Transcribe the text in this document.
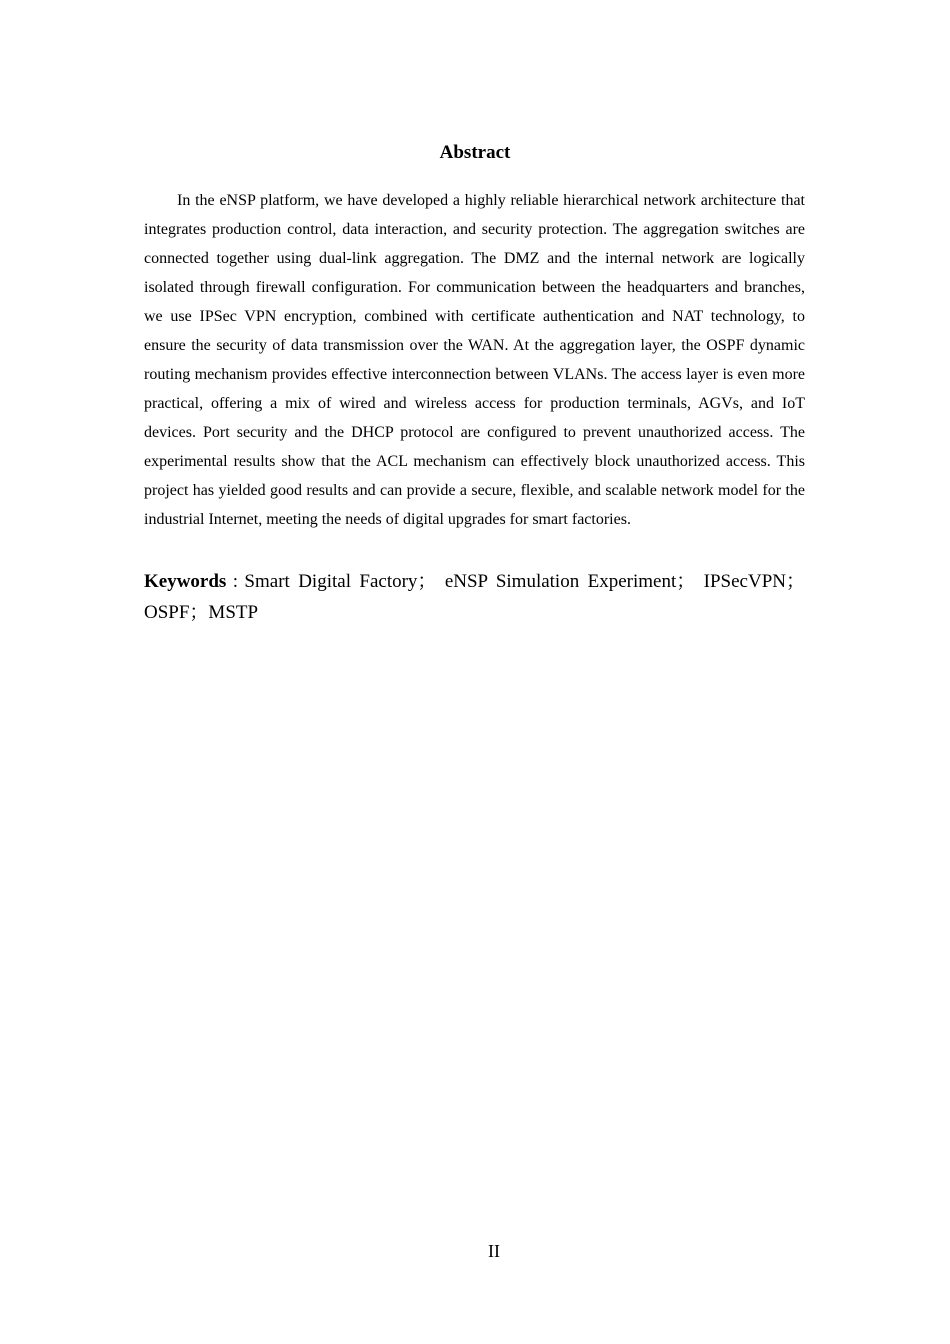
Abstract

In the eNSP platform, we have developed a highly reliable hierarchical network architecture that integrates production control, data interaction, and security protection. The aggregation switches are connected together using dual-link aggregation. The DMZ and the internal network are logically isolated through firewall configuration. For communication between the headquarters and branches, we use IPSec VPN encryption, combined with certificate authentication and NAT technology, to ensure the security of data transmission over the WAN. At the aggregation layer, the OSPF dynamic routing mechanism provides effective interconnection between VLANs. The access layer is even more practical, offering a mix of wired and wireless access for production terminals, AGVs, and IoT devices. Port security and the DHCP protocol are configured to prevent unauthorized access. The experimental results show that the ACL mechanism can effectively block unauthorized access. This project has yielded good results and can provide a secure, flexible, and scalable network model for the industrial Internet, meeting the needs of digital upgrades for smart factories.

Keywords : Smart Digital Factory； eNSP Simulation Experiment； IPSecVPN；OSPF；MSTP

II
